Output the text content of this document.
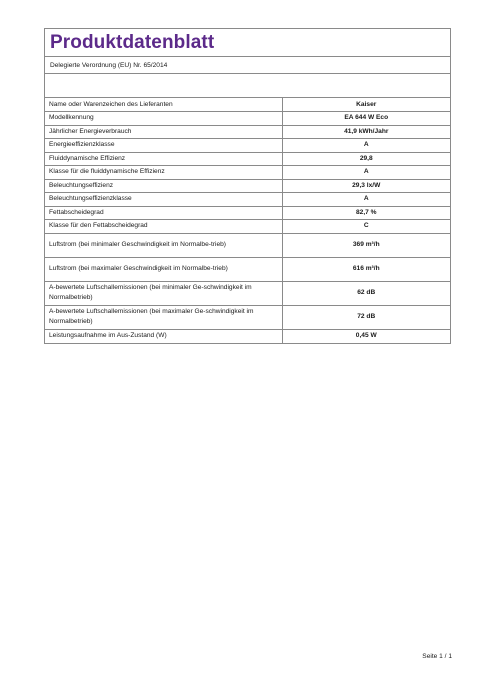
Produktdatenblatt
Delegierte Verordnung (EU) Nr. 65/2014
Name oder Warenzeichen des Lieferanten	Kaiser
Modellkennung	EA 644 W Eco
Jährlicher Energieverbrauch	41,9 kWh/Jahr
Energieeffizienzklasse	A
Fluiddynamische Effizienz	29,8
Klasse für die fluiddynamische Effizienz	A
Beleuchtungseffizienz	29,3 lx/W
Beleuchtungseffizienzklasse	A
Fettabscheidegrad	82,7 %
Klasse für den Fettabscheidegrad	C
Luftstrom (bei minimaler Geschwindigkeit im Normalbe-trieb)	369 m³/h
Luftstrom (bei maximaler Geschwindigkeit im Normalbe-trieb)	616 m³/h
A-bewertete Luftschallemissionen (bei minimaler Ge-schwindigkeit im Normalbetrieb)	62 dB
A-bewertete Luftschallemissionen (bei maximaler Ge-schwindigkeit im Normalbetrieb)	72 dB
Leistungsaufnahme im Aus-Zustand (W)	0,45 W
Seite 1 / 1
